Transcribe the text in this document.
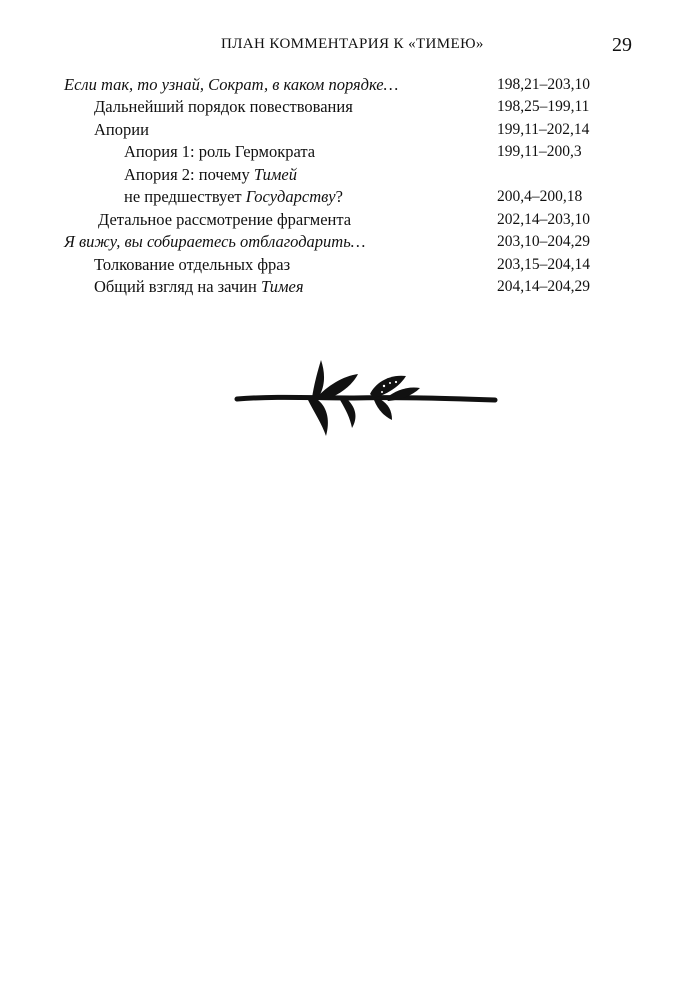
ПЛАН КОММЕНТАРИЯ К «ТИМЕЮ»	29
Если так, то узнай, Сократ, в каком порядке…	198,21–203,10
Дальнейший порядок повествования	198,25–199,11
Апории	199,11–202,14
Апория 1: роль Гермократа	199,11–200,3
Апория 2: почему Тимей
не предшествует Государству?	200,4–200,18
Детальное рассмотрение фрагмента	202,14–203,10
Я вижу, вы собираетесь отблагодарить…	203,10–204,29
Толкование отдельных фраз	203,15–204,14
Общий взгляд на зачин Тимея	204,14–204,29
